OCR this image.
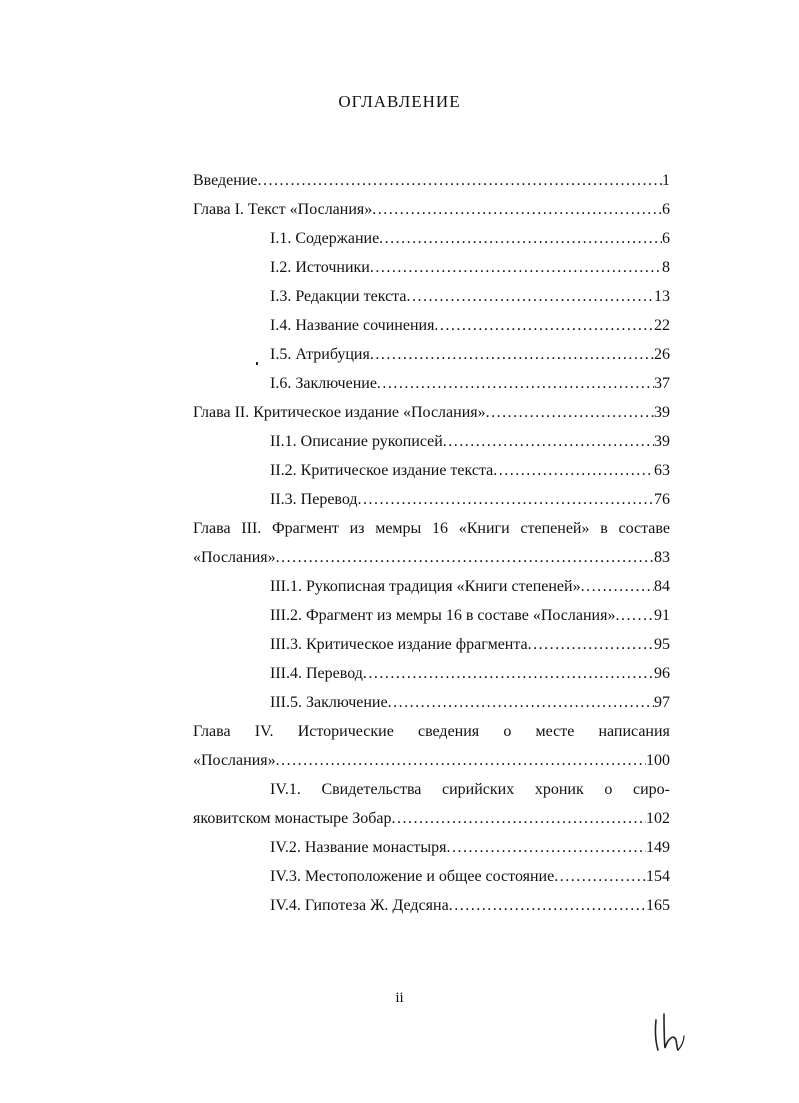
ОГЛАВЛЕНИЕ
Введение .....	1
Глава I. Текст «Послания» .....	6
I.1. Содержание .....	6
I.2. Источники .....	8
I.3. Редакции текста .....	13
I.4. Название сочинения .....	22
I.5. Атрибуция .....	26
I.6. Заключение .....	37
Глава II. Критическое издание «Послания» .....	39
II.1. Описание рукописей .....	39
II.2. Критическое издание текста .....	63
II.3. Перевод .....	76
Глава III. Фрагмент из мемры 16 «Книги степеней» в составе
«Послания» .....	83
III.1. Рукописная традиция «Книги степеней» .....	84
III.2. Фрагмент из мемры 16 в составе «Послания» ..... 91
III.3. Критическое издание фрагмента .....	95
III.4. Перевод .....	96
III.5. Заключение .....	97
Глава IV. Исторические сведения о месте написания
«Послания» .....	100
IV.1. Свидетельства сирийских хроник о сиро-
яковитском монастыре Зобар .....	102
IV.2. Название монастыря .....	149
IV.3. Местоположение и общее состояние .....	154
IV.4. Гипотеза Ж. Дедсяна .....	165
ii
